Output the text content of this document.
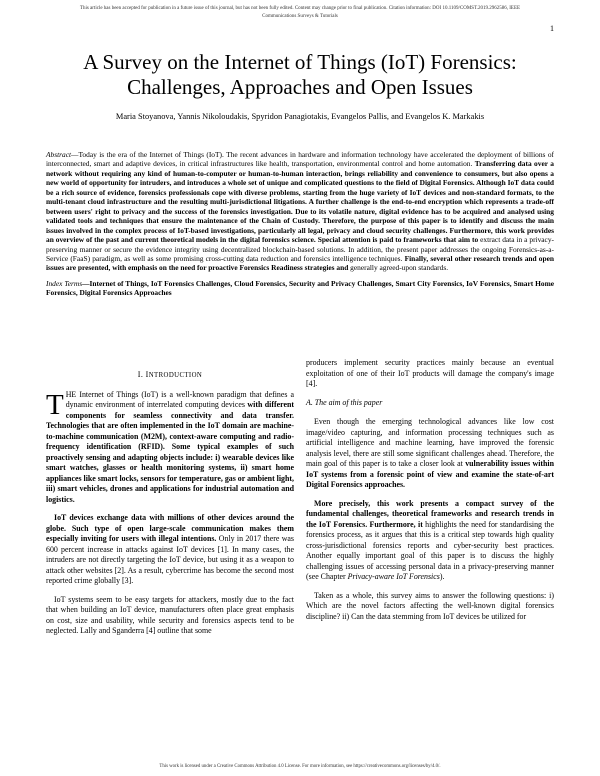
This article has been accepted for publication in a future issue of this journal, but has not been fully edited. Content may change prior to final publication. Citation information: DOI 10.1109/COMST.2019.2962586, IEEE
Communications Surveys & Tutorials
1
A Survey on the Internet of Things (IoT) Forensics:
Challenges, Approaches and Open Issues
Maria Stoyanova, Yannis Nikoloudakis, Spyridon Panagiotakis, Evangelos Pallis, and Evangelos K. Markakis
Abstract—Today is the era of the Internet of Things (IoT). The recent advances in hardware and information technology have accelerated the deployment of billions of interconnected, smart and adaptive devices, in critical infrastructures like health, transportation, environmental control and home automation. Transferring data over a network without requiring any kind of human-to-computer or human-to-human interaction, brings reliability and convenience to consumers, but also opens a new world of opportunity for intruders, and introduces a whole set of unique and complicated questions to the field of Digital Forensics. Although IoT data could be a rich source of evidence, forensics professionals cope with diverse problems, starting from the huge variety of IoT devices and non-standard formats, to the multi-tenant cloud infrastructure and the resulting multi-jurisdictional litigations. A further challenge is the end-to-end encryption which represents a trade-off between users' right to privacy and the success of the forensics investigation. Due to its volatile nature, digital evidence has to be acquired and analysed using validated tools and techniques that ensure the maintenance of the Chain of Custody. Therefore, the purpose of this paper is to identify and discuss the main issues involved in the complex process of IoT-based investigations, particularly all legal, privacy and cloud security challenges. Furthermore, this work provides an overview of the past and current theoretical models in the digital forensics science. Special attention is paid to frameworks that aim to extract data in a privacy-preserving manner or secure the evidence integrity using decentralized blockchain-based solutions. In addition, the present paper addresses the ongoing Forensics-as-a-Service (FaaS) paradigm, as well as some promising cross-cutting data reduction and forensics intelligence techniques. Finally, several other research trends and open issues are presented, with emphasis on the need for proactive Forensics Readiness strategies and generally agreed-upon standards.
Index Terms—Internet of Things, IoT Forensics Challenges, Cloud Forensics, Security and Privacy Challenges, Smart City Forensics, IoV Forensics, Smart Home Forensics, Digital Forensics Approaches
I. INTRODUCTION

THE Internet of Things (IoT) is a well-known paradigm that defines a dynamic environment of interrelated computing devices with different components for seamless connectivity and data transfer. Technologies that are often implemented in the IoT domain are machine-to-machine communication (M2M), context-aware computing and radio-frequency identification (RFID). Some typical examples of such proactively sensing and adapting objects include: i) wearable devices like smart watches, glasses or health monitoring systems, ii) smart home appliances like smart locks, sensors for temperature, gas or ambient light, iii) smart vehicles, drones and applications for industrial automation and logistics.

IoT devices exchange data with millions of other devices around the globe. Such type of open large-scale communication makes them especially inviting for users with illegal intentions. Only in 2017 there was 600 percent increase in attacks against IoT devices [1]. In many cases, the intruders are not directly targeting the IoT device, but using it as a weapon to attack other websites [2]. As a result, cybercrime has become the second most reported crime globally [3].

IoT systems seem to be easy targets for attackers, mostly due to the fact that when building an IoT device, manufacturers often place great emphasis on cost, size and usability, while security and forensics aspects tend to be neglected. Lally and Sganderra [4] outline that some

producers implement security practices mainly because an eventual exploitation of one of their IoT products will damage the company's image [4].

A. The aim of this paper

Even though the emerging technological advances like low cost image/video capturing, and information processing techniques such as artificial intelligence and machine learning, have improved the forensic analysis level, there are still some significant challenges ahead. Therefore, the main goal of this paper is to take a closer look at vulnerability issues within IoT systems from a forensic point of view and examine the state-of-art Digital Forensics approaches.

More precisely, this work presents a compact survey of the fundamental challenges, theoretical frameworks and research trends in the IoT Forensics. Furthermore, it highlights the need for standardising the forensics process, as it argues that this is a critical step towards high quality cross-jurisdictional forensics reports and cyber-security best practices. Another equally important goal of this paper is to discuss the highly challenging issues of accessing personal data in a privacy-preserving manner (see Chapter Privacy-aware IoT Forensics).

Taken as a whole, this survey aims to answer the following questions: i) Which are the novel factors affecting the well-known digital forensics discipline? ii) Can the data stemming from IoT devices be utilized for

This work is licensed under a Creative Commons Attribution 4.0 License. For more information, see https://creativecommons.org/licenses/by/4.0/.
